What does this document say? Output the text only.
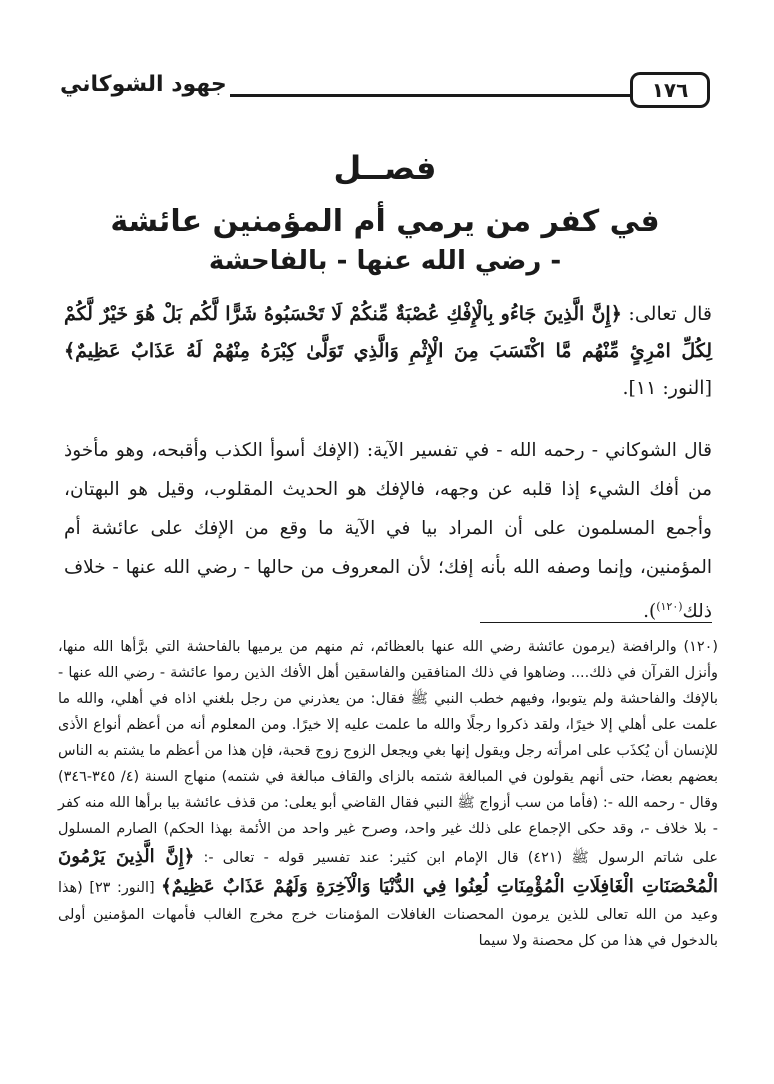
جهود الشوكاني	١٧٦
فصــل
في كفر من يرمي أم المؤمنين عائشة
- رضي الله عنها - بالفاحشة

قال تعالى: ﴿إِنَّ الَّذِينَ جَاءُو بِالْإِفْكِ عُصْبَةٌ مِّنكُمْ لَا تَحْسَبُوهُ شَرًّا لَّكُم بَلْ هُوَ خَيْرٌ لَّكُمْ لِكُلِّ امْرِئٍ مِّنْهُم مَّا اكْتَسَبَ مِنَ الْإِثْمِ وَالَّذِي تَوَلَّىٰ كِبْرَهُ مِنْهُمْ لَهُ عَذَابٌ عَظِيمٌ﴾ [النور: ١١].

قال الشوكاني - رحمه الله - في تفسير الآية: (الإفك أسوأ الكذب وأقبحه، وهو مأخوذ من أفك الشيء إذا قلبه عن وجهه، فالإفك هو الحديث المقلوب، وقيل هو البهتان، وأجمع المسلمون على أن المراد بيا في الآية ما وقع من الإفك على عائشة أم المؤمنين، وإنما وصفه الله بأنه إفك؛ لأن المعروف من حالها - رضي الله عنها - خلاف ذلك$^{(١٢٠)}$).

(١٢٠) والرافضة (يرمون عائشة رضي الله عنها بالعظائم، ثم منهم من يرميها بالفاحشة التي برَّأها الله منها، وأنزل القرآن في ذلك.... وضاهوا في ذلك المنافقين والفاسقين أهل الأفك الذين رموا عائشة - رضي الله عنها - بالإفك والفاحشة ولم يتوبوا، وفيهم خطب النبي ﷺ فقال: من يعذرني من رجل بلغني اذاه في أهلي، والله ما علمت على أهلي إلا خيرًا، ولقد ذكروا رجلًا والله ما علمت عليه إلا خيرًا. ومن المعلوم أنه من أعظم أنواع الأذى للإنسان أن يُكذَب على امرأته رجل ويقول إنها بغي ويجعل الزوج زوج قحبة، فإن هذا من أعظم ما يشتم به الناس بعضهم بعضا، حتى أنهم يقولون في المبالغة شتمه بالزاى والقاف مبالغة في شتمه) منهاج السنة (٤/ ٣٤٥-٣٤٦) وقال - رحمه الله -: (فأما من سب أزواج ﷺ النبي فقال القاضي أبو يعلى: من قذف عائشة بيا برأها الله منه كفر - بلا خلاف -، وقد حكى الإجماع على ذلك غير واحد، وصرح غير واحد من الأئمة بهذا الحكم) الصارم المسلول على شاتم الرسول ﷺ (٤٢١) قال الإمام ابن كثير: عند تفسير قوله - تعالى -: ﴿إِنَّ الَّذِينَ يَرْمُونَ الْمُحْصَنَاتِ الْغَافِلَاتِ الْمُؤْمِنَاتِ لُعِنُوا فِي الدُّنْيَا وَالْآخِرَةِ وَلَهُمْ عَذَابٌ عَظِيمٌ﴾ [النور: ٢٣] (هذا وعيد من الله تعالى للذين يرمون المحصنات الغافلات المؤمنات خرج مخرج الغالب فأمهات المؤمنين أولى بالدخول في هذا من كل محصنة ولا سيما
